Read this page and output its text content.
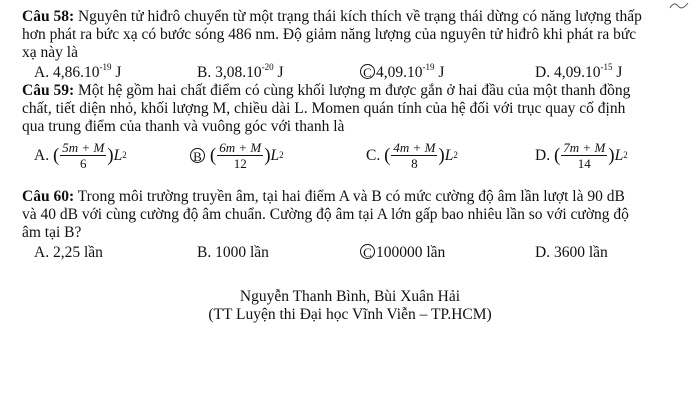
Câu 58: Nguyên tử hiđrô chuyển từ một trạng thái kích thích về trạng thái dừng có năng lượng thấp
hơn phát ra bức xạ có bước sóng 486 nm. Độ giảm năng lượng của nguyên tử hiđrô khi phát ra bức
xạ này là
A. $4,86.10^{-19}$ J	B. $3,08.10^{-20}$ J	C $4,09.10^{-19}$ J	D. $4,09.10^{-15}$ J
Câu 59: Một hệ gồm hai chất điểm có cùng khối lượng m được gắn ở hai đầu của một thanh đồng
chất, tiết diện nhỏ, khối lượng M, chiều dài L. Momen quán tính của hệ đối với trục quay cố định
qua trung điểm của thanh và vuông góc với thanh là
A.
( $\frac{5m + M}{6}$ ) $L^2$	B
( $\frac{6m + M}{12}$ ) $L^2$	C.
( $\frac{4m + M}{8}$ ) $L^2$	D.
( $\frac{7m + M}{14}$ ) $L^2$
Câu 60: Trong môi trường truyền âm, tại hai điểm A và B có mức cường độ âm lần lượt là 90 dB
và 40 dB với cùng cường độ âm chuẩn. Cường độ âm tại A lớn gấp bao nhiêu lần so với cường độ
âm tại B?
A. 2,25 lần	B. 1000 lần	C 100000 lần	D. 3600 lần
Nguyễn Thanh Bình, Bùi Xuân Hải
(TT Luyện thi Đại học Vĩnh Viễn – TP.HCM)
